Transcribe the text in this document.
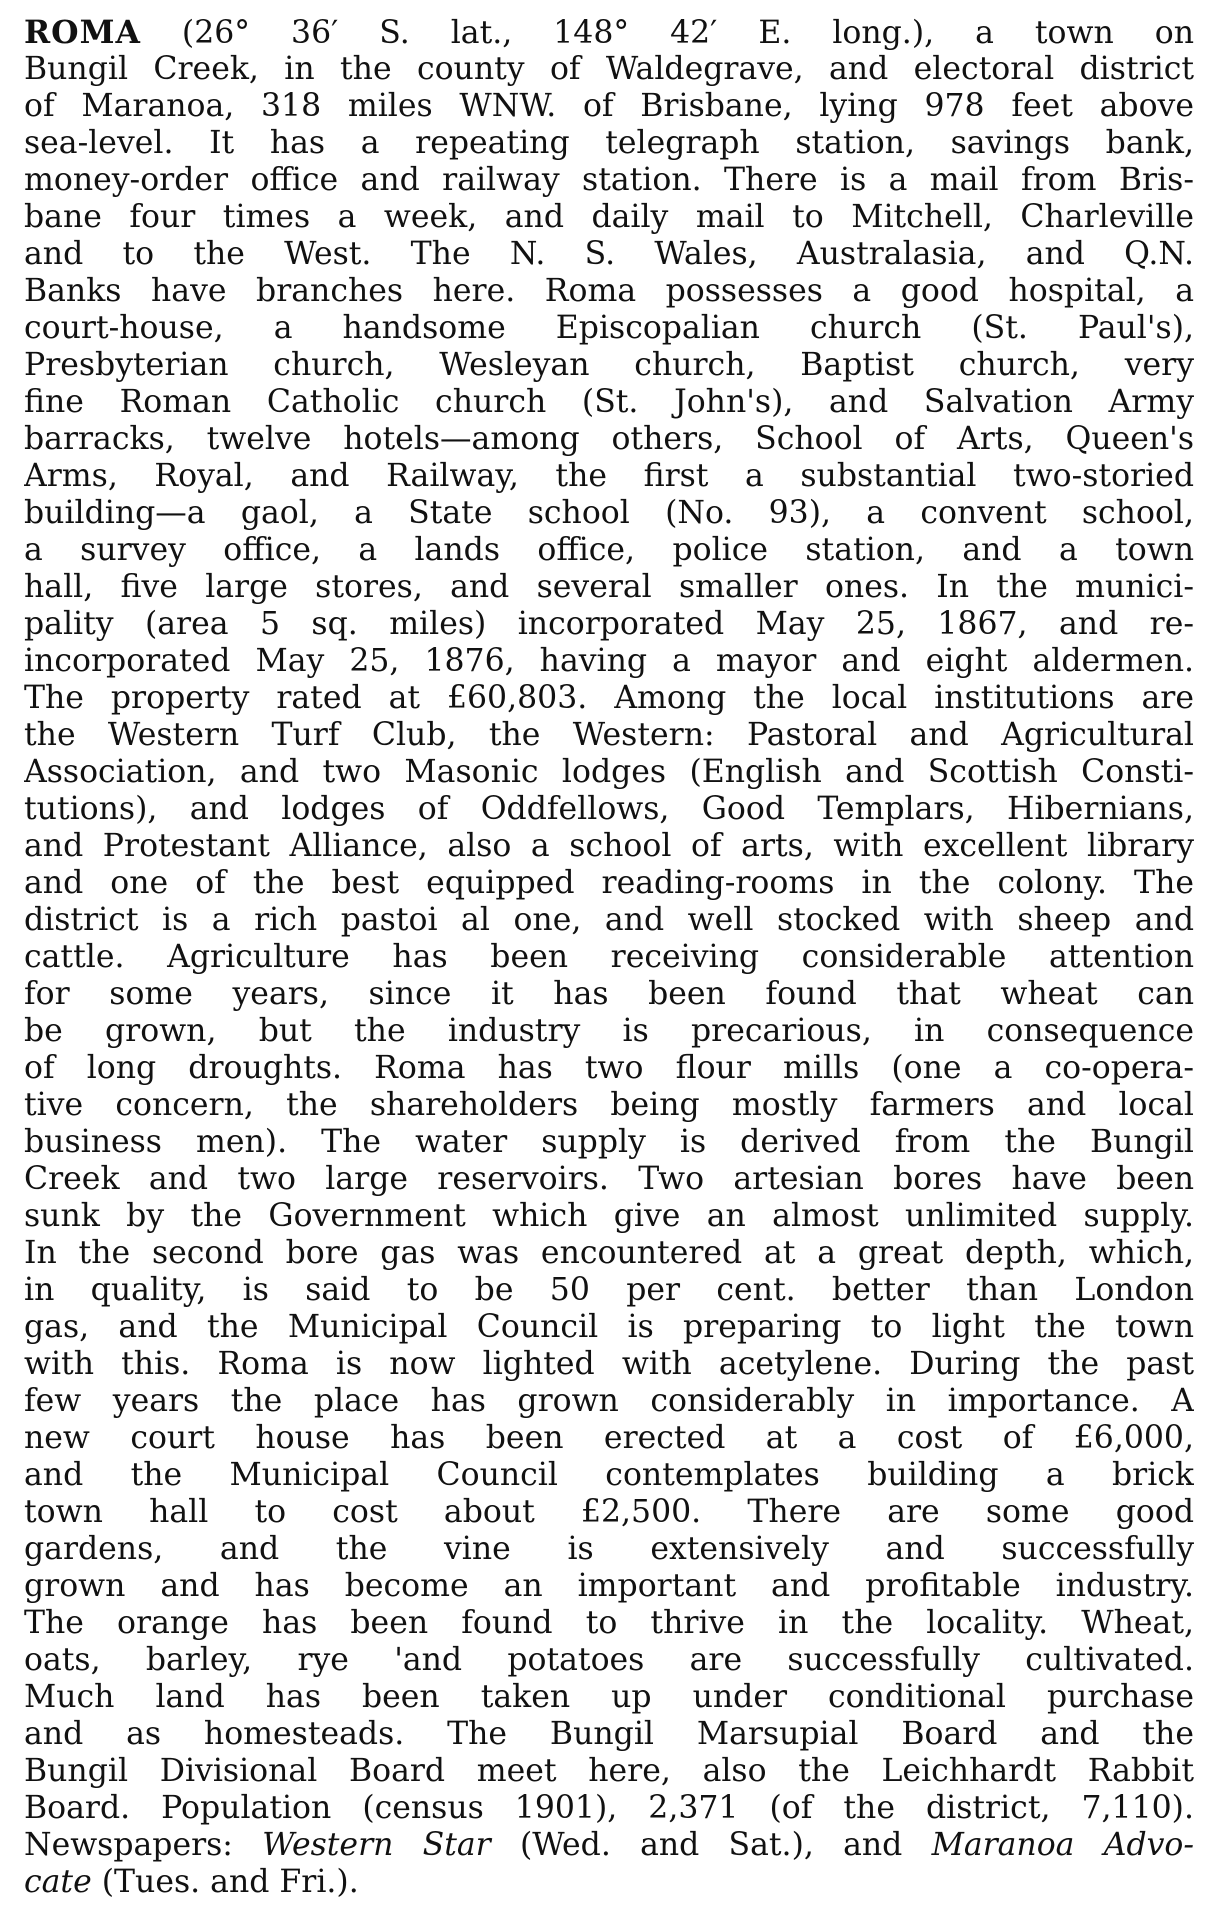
ROMA (26° 36′ S. lat., 148° 42′ E. long.), a town on
Bungil Creek, in the county of Waldegrave, and electoral district
of Maranoa, 318 miles WNW. of Brisbane, lying 978 feet above
sea-level. It has a repeating telegraph station, savings bank,
money-order office and railway station. There is a mail from Bris-
bane four times a week, and daily mail to Mitchell, Charleville
and to the West. The N. S. Wales, Australasia, and Q.N.
Banks have branches here. Roma possesses a good hospital, a
court-house, a handsome Episcopalian church (St. Paul's),
Presbyterian church, Wesleyan church, Baptist church, very
fine Roman Catholic church (St. John's), and Salvation Army
barracks, twelve hotels—among others, School of Arts, Queen's
Arms, Royal, and Railway, the first a substantial two-storied
building—a gaol, a State school (No. 93), a convent school,
a survey office, a lands office, police station, and a town
hall, five large stores, and several smaller ones. In the munici-
pality (area 5 sq. miles) incorporated May 25, 1867, and re-
incorporated May 25, 1876, having a mayor and eight aldermen.
The property rated at £60,803. Among the local institutions are
the Western Turf Club, the Western: Pastoral and Agricultural
Association, and two Masonic lodges (English and Scottish Consti-
tutions), and lodges of Oddfellows, Good Templars, Hibernians,
and Protestant Alliance, also a school of arts, with excellent library
and one of the best equipped reading-rooms in the colony. The
district is a rich pastoi al one, and well stocked with sheep and
cattle. Agriculture has been receiving considerable attention
for some years, since it has been found that wheat can
be grown, but the industry is precarious, in consequence
of long droughts. Roma has two flour mills (one a co-opera-
tive concern, the shareholders being mostly farmers and local
business men). The water supply is derived from the Bungil
Creek and two large reservoirs. Two artesian bores have been
sunk by the Government which give an almost unlimited supply.
In the second bore gas was encountered at a great depth, which,
in quality, is said to be 50 per cent. better than London
gas, and the Municipal Council is preparing to light the town
with this. Roma is now lighted with acetylene. During the past
few years the place has grown considerably in importance. A
new court house has been erected at a cost of £6,000,
and the Municipal Council contemplates building a brick
town hall to cost about £2,500. There are some good
gardens, and the vine is extensively and successfully
grown and has become an important and profitable industry.
The orange has been found to thrive in the locality. Wheat,
oats, barley, rye 'and potatoes are successfully cultivated.
Much land has been taken up under conditional purchase
and as homesteads. The Bungil Marsupial Board and the
Bungil Divisional Board meet here, also the Leichhardt Rabbit
Board. Population (census 1901), 2,371 (of the district, 7,110).
Newspapers: Western Star (Wed. and Sat.), and Maranoa Advo-
cate (Tues. and Fri.).
